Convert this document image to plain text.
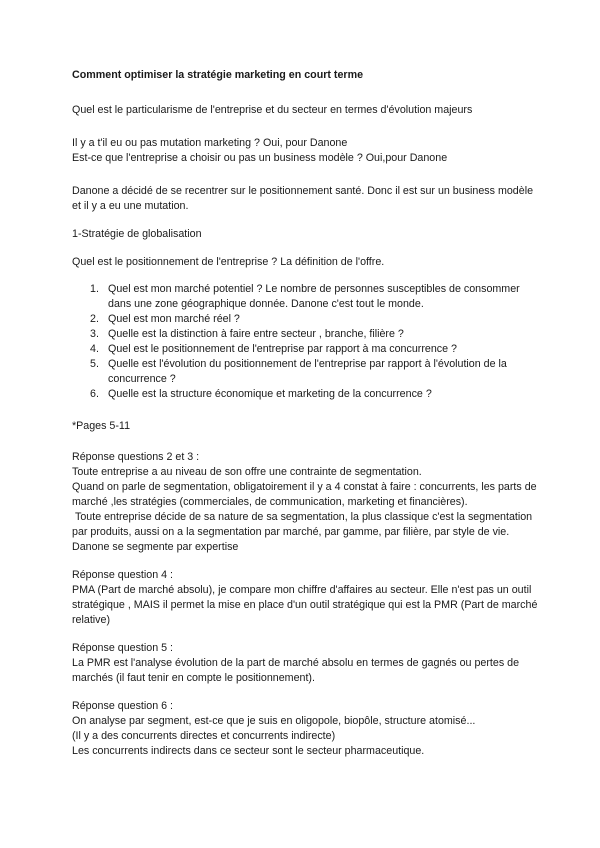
Comment optimiser la stratégie marketing en court terme

Quel est le particularisme de l'entreprise et du secteur en termes d'évolution majeurs

Il y a t'il eu ou pas mutation marketing ? Oui, pour Danone

Est-ce que l'entreprise a choisir ou pas un business modèle ? Oui,pour Danone

Danone a décidé de se recentrer sur le positionnement santé. Donc il est sur un business modèle et il y a eu une mutation.

1-Stratégie de globalisation

Quel est le positionnement de l'entreprise ? La définition de l'offre.

1. Quel est mon marché potentiel ? Le nombre de personnes susceptibles de consommer dans une zone géographique donnée. Danone c'est tout le monde.
2. Quel est mon marché réel ?
3. Quelle est la distinction à faire entre secteur , branche, filière ?
4. Quel est le positionnement de l'entreprise par rapport à ma concurrence ?
5. Quelle est l'évolution du positionnement de l'entreprise par rapport à l'évolution de la concurrence ?
6. Quelle est la structure économique et marketing de la concurrence ?

*Pages 5-11

Réponse questions 2 et 3 :

Toute entreprise a au niveau de son offre une contrainte de segmentation.

Quand on parle de segmentation, obligatoirement il y a 4 constat à faire : concurrents, les parts de marché ,les stratégies (commerciales, de communication, marketing et financières).

Toute entreprise décide de sa nature de sa segmentation, la plus classique c'est la segmentation par produits, aussi on a la segmentation par marché, par gamme, par filière, par style de vie. Danone se segmente par expertise

Réponse question 4 :

PMA (Part de marché absolu), je compare mon chiffre d'affaires au secteur. Elle n'est pas un outil stratégique , MAIS il permet la mise en place d'un outil stratégique qui est la PMR (Part de marché relative)

Réponse question 5 :

La PMR est l'analyse évolution de la part de marché absolu en termes de gagnés ou pertes de marchés (il faut tenir en compte le positionnement).

Réponse question 6 :

On analyse par segment, est-ce que je suis en oligopole, biopôle, structure atomisé...

(Il y a des concurrents directes et concurrents indirecte)

Les concurrents indirects dans ce secteur sont le secteur pharmaceutique.
